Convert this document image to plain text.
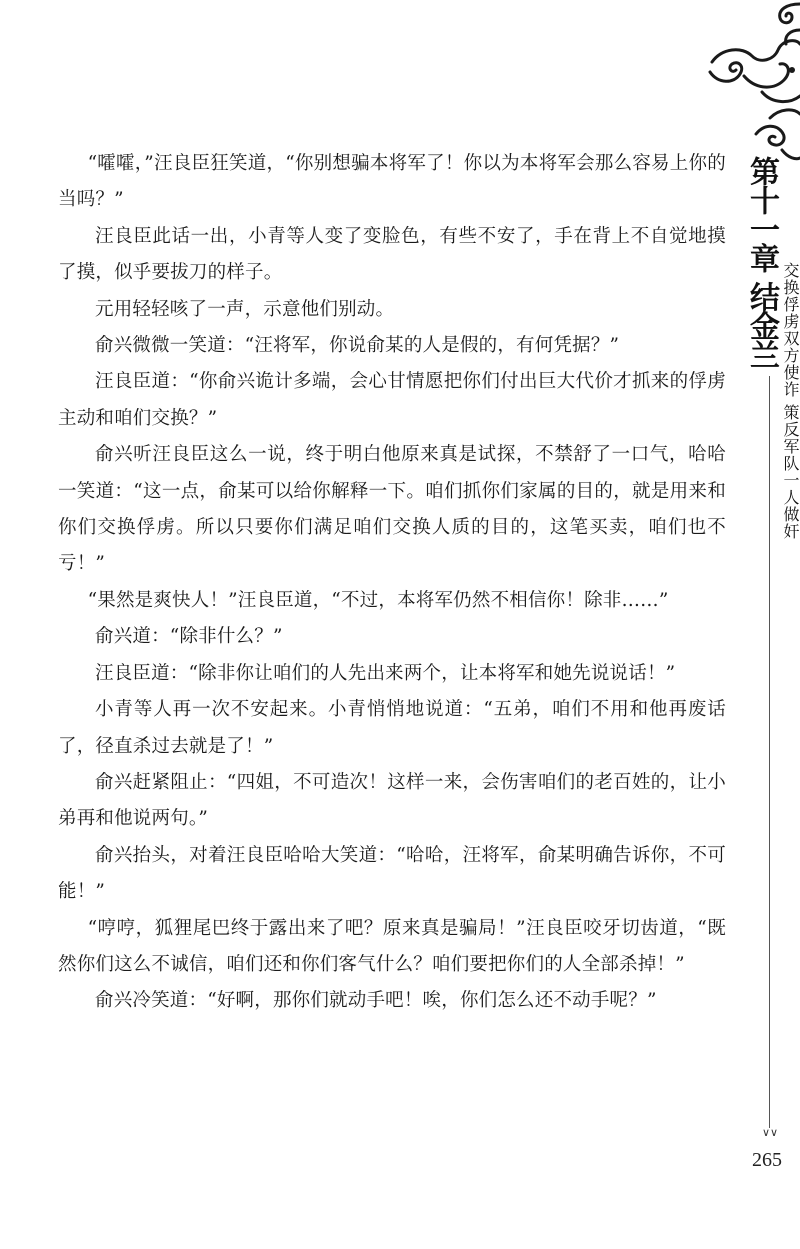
“嚯嚯，”汪良臣狂笑道，“你别想骗本将军了！你以为本将军会那么容易上你的当吗？”

汪良臣此话一出，小青等人变了变脸色，有些不安了，手在背上不自觉地摸了摸，似乎要拔刀的样子。

元用轻轻咳了一声，示意他们别动。

俞兴微微一笑道：“汪将军，你说俞某的人是假的，有何凭据？”

汪良臣道：“你俞兴诡计多端，会心甘情愿把你们付出巨大代价才抓来的俘虏主动和咱们交换？”

俞兴听汪良臣这么一说，终于明白他原来真是试探，不禁舒了一口气，哈哈一笑道：“这一点，俞某可以给你解释一下。咱们抓你们家属的目的，就是用来和你们交换俘虏。所以只要你们满足咱们交换人质的目的，这笔买卖，咱们也不亏！”

“果然是爽快人！”汪良臣道，“不过，本将军仍然不相信你！除非……”

俞兴道：“除非什么？”

汪良臣道：“除非你让咱们的人先出来两个，让本将军和她先说说话！”

小青等人再一次不安起来。小青悄悄地说道：“五弟，咱们不用和他再废话了，径直杀过去就是了！”

俞兴赶紧阻止：“四姐，不可造次！这样一来，会伤害咱们的老百姓的，让小弟再和他说两句。”

俞兴抬头，对着汪良臣哈哈大笑道：“哈哈，汪将军，俞某明确告诉你，不可能！”

“哼哼，狐狸尾巴终于露出来了吧？原来真是骗局！”汪良臣咬牙切齿道，“既然你们这么不诚信，咱们还和你们客气什么？咱们要把你们的人全部杀掉！”

俞兴冷笑道：“好啊，那你们就动手吧！唉，你们怎么还不动手呢？”

第十一章 结金兰 交换俘虏双方使诈 策反军队一人做奸
∨∨
265
